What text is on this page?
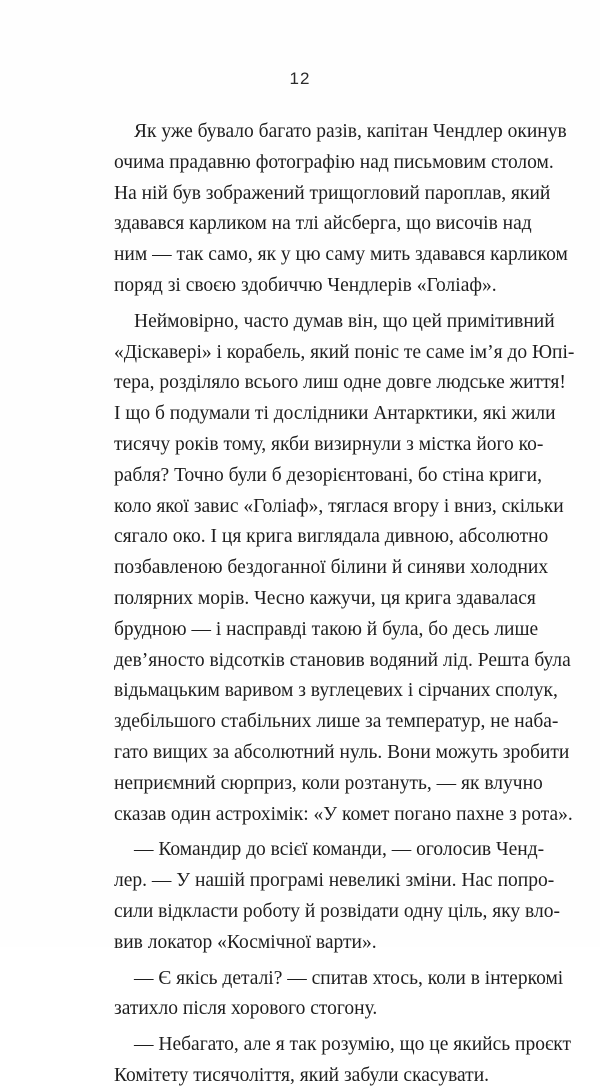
12
Як уже бувало багато разів, капітан Чендлер окинув
очима прадавню фотографію над письмовим столом.
На ній був зображений трищогловий пароплав, який
здавався карликом на тлі айсберга, що височів над
ним — так само, як у цю саму мить здавався карликом
поряд зі своєю здобиччю Чендлерів «Голіаф».
Неймовірно, часто думав він, що цей примітивний
«Діскавері» і корабель, який поніс те саме ім’я до Юпі-
тера, розділяло всього лиш одне довге людське життя!
І що б подумали ті дослідники Антарктики, які жили
тисячу років тому, якби визирнули з містка його ко-
рабля? Точно були б дезорієнтовані, бо стіна криги,
коло якої завис «Голіаф», тяглася вгору і вниз, скільки
сягало око. І ця крига виглядала дивною, абсолютно
позбавленою бездоганної білини й синяви холодних
полярних морів. Чесно кажучи, ця крига здавалася
брудною — і насправді такою й була, бо десь лише
дев’яносто відсотків становив водяний лід. Решта була
відьмацьким варивом з вуглецевих і сірчаних сполук,
здебільшого стабільних лише за температур, не наба-
гато вищих за абсолютний нуль. Вони можуть зробити
неприємний сюрприз, коли розтануть, — як влучно
сказав один астрохімік: «У комет погано пахне з рота».
— Командир до всієї команди, — оголосив Ченд-
лер. — У нашій програмі невеликі зміни. Нас попро-
сили відкласти роботу й розвідати одну ціль, яку вло-
вив локатор «Космічної варти».
— Є якісь деталі? — спитав хтось, коли в інтеркомі
затихло після хорового стогону.
— Небагато, але я так розумію, що це якийсь проєкт
Комітету тисячоліття, який забули скасувати.
